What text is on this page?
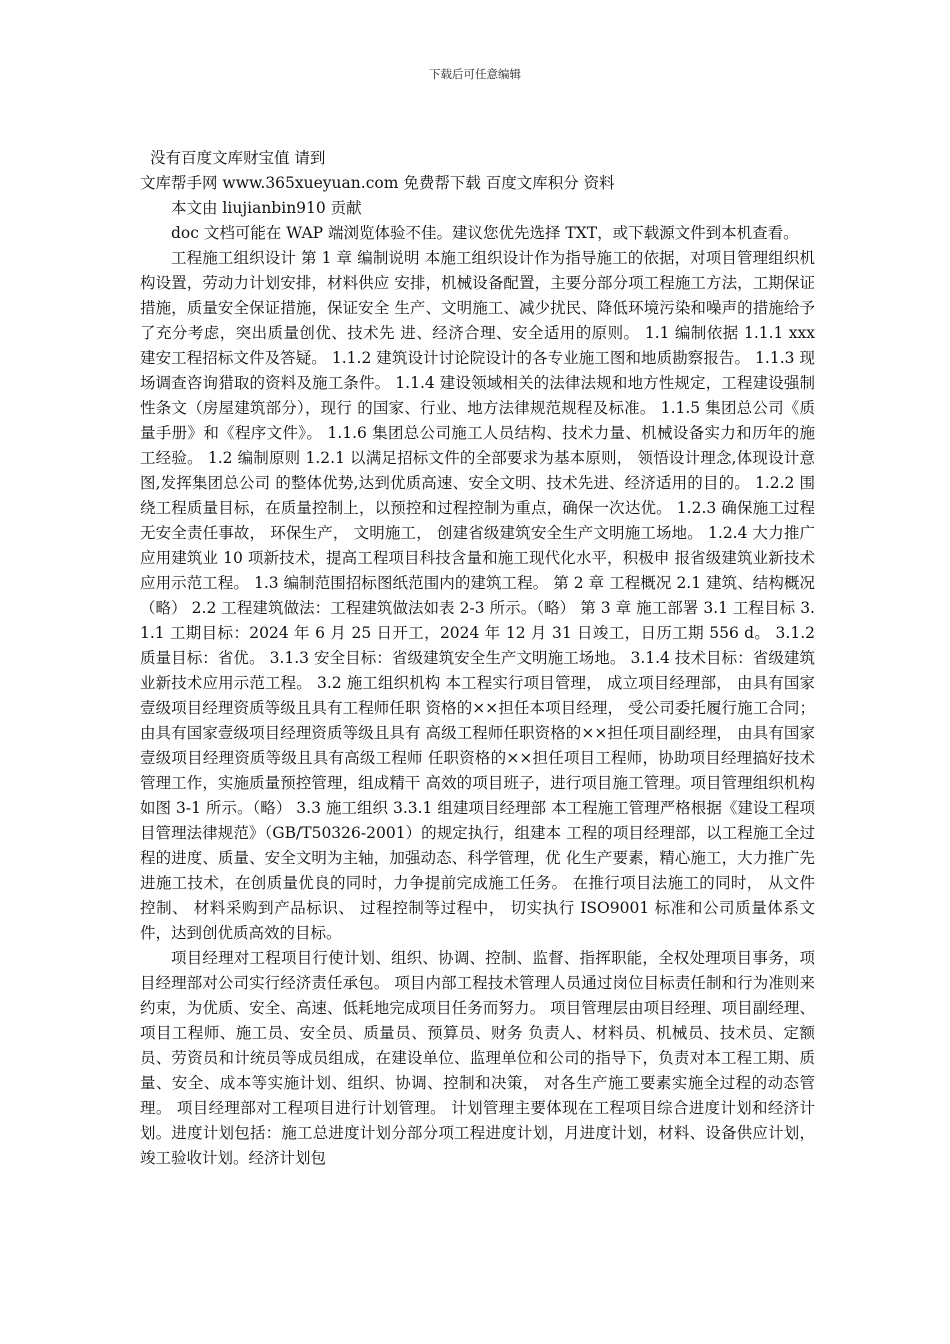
下载后可任意编辑

没有百度文库财宝值 请到

文库帮手网 www.365xueyuan.com 免费帮下载 百度文库积分 资料

本文由 liujianbin910 贡献

doc 文档可能在 WAP 端浏览体验不佳。建议您优先选择 TXT，或下载源文件到本机查看。

工程施工组织设计 第 1 章 编制说明 本施工组织设计作为指导施工的依据，对项目管理组织机构设置，劳动力计划安排，材料供应 安排，机械设备配置，主要分部分项工程施工方法，工期保证措施，质量安全保证措施，保证安全 生产、文明施工、减少扰民、降低环境污染和噪声的措施给予了充分考虑，突出质量创优、技术先 进、经济合理、安全适用的原则。 1.1 编制依据 1.1.1 xxx 建安工程招标文件及答疑。 1.1.2 建筑设计讨论院设计的各专业施工图和地质勘察报告。 1.1.3 现场调查咨询猎取的资料及施工条件。 1.1.4 建设领域相关的法律法规和地方性规定，工程建设强制性条文（房屋建筑部分），现行 的国家、行业、地方法律规范规程及标准。 1.1.5 集团总公司《质量手册》和《程序文件》。 1.1.6 集团总公司施工人员结构、技术力量、机械设备实力和历年的施工经验。 1.2 编制原则 1.2.1 以满足招标文件的全部要求为基本原则， 领悟设计理念,体现设计意图,发挥集团总公司 的整体优势,达到优质高速、安全文明、技术先进、经济适用的目的。 1.2.2 围绕工程质量目标，在质量控制上，以预控和过程控制为重点，确保一次达优。 1.2.3 确保施工过程无安全责任事故， 环保生产， 文明施工， 创建省级建筑安全生产文明施工场地。 1.2.4 大力推广应用建筑业 10 项新技术，提高工程项目科技含量和施工现代化水平，积极申 报省级建筑业新技术应用示范工程。 1.3 编制范围招标图纸范围内的建筑工程。 第 2 章 工程概况 2.1 建筑、结构概况（略） 2.2 工程建筑做法：工程建筑做法如表 2-3 所示。（略） 第 3 章 施工部署 3.1 工程目标 3.1.1 工期目标：2024 年 6 月 25 日开工，2024 年 12 月 31 日竣工，日历工期 556 d。 3.1.2 质量目标：省优。 3.1.3 安全目标：省级建筑安全生产文明施工场地。 3.1.4 技术目标：省级建筑业新技术应用示范工程。 3.2 施工组织机构 本工程实行项目管理， 成立项目经理部， 由具有国家壹级项目经理资质等级且具有工程师任职 资格的××担任本项目经理， 受公司委托履行施工合同； 由具有国家壹级项目经理资质等级且具有 高级工程师任职资格的××担任项目副经理， 由具有国家壹级项目经理资质等级且具有高级工程师 任职资格的××担任项目工程师，协助项目经理搞好技术管理工作，实施质量预控管理，组成精干 高效的项目班子，进行项目施工管理。项目管理组织机构如图 3-1 所示。（略） 3.3 施工组织 3.3.1 组建项目经理部 本工程施工管理严格根据《建设工程项目管理法律规范》（GB/T50326-2001）的规定执行，组建本 工程的项目经理部，以工程施工全过程的进度、质量、安全文明为主轴，加强动态、科学管理，优 化生产要素，精心施工，大力推广先进施工技术，在创质量优良的同时，力争提前完成施工任务。 在推行项目法施工的同时， 从文件控制、 材料采购到产品标识、 过程控制等过程中， 切实执行 ISO9001 标准和公司质量体系文件，达到创优质高效的目标。

项目经理对工程项目行使计划、组织、协调、控制、监督、指挥职能，全权处理项目事务，项 目经理部对公司实行经济责任承包。 项目内部工程技术管理人员通过岗位目标责任制和行为准则来 约束，为优质、安全、高速、低耗地完成项目任务而努力。 项目管理层由项目经理、项目副经理、项目工程师、施工员、安全员、质量员、预算员、财务 负责人、材料员、机械员、技术员、定额员、劳资员和计统员等成员组成，在建设单位、监理单位和公司的指导下，负责对本工程工期、质量、安全、成本等实施计划、组织、协调、控制和决策， 对各生产施工要素实施全过程的动态管理。 项目经理部对工程项目进行计划管理。 计划管理主要体现在工程项目综合进度计划和经济计 划。进度计划包括：施工总进度计划分部分项工程进度计划，月进度计划，材料、设备供应计划， 竣工验收计划。经济计划包
